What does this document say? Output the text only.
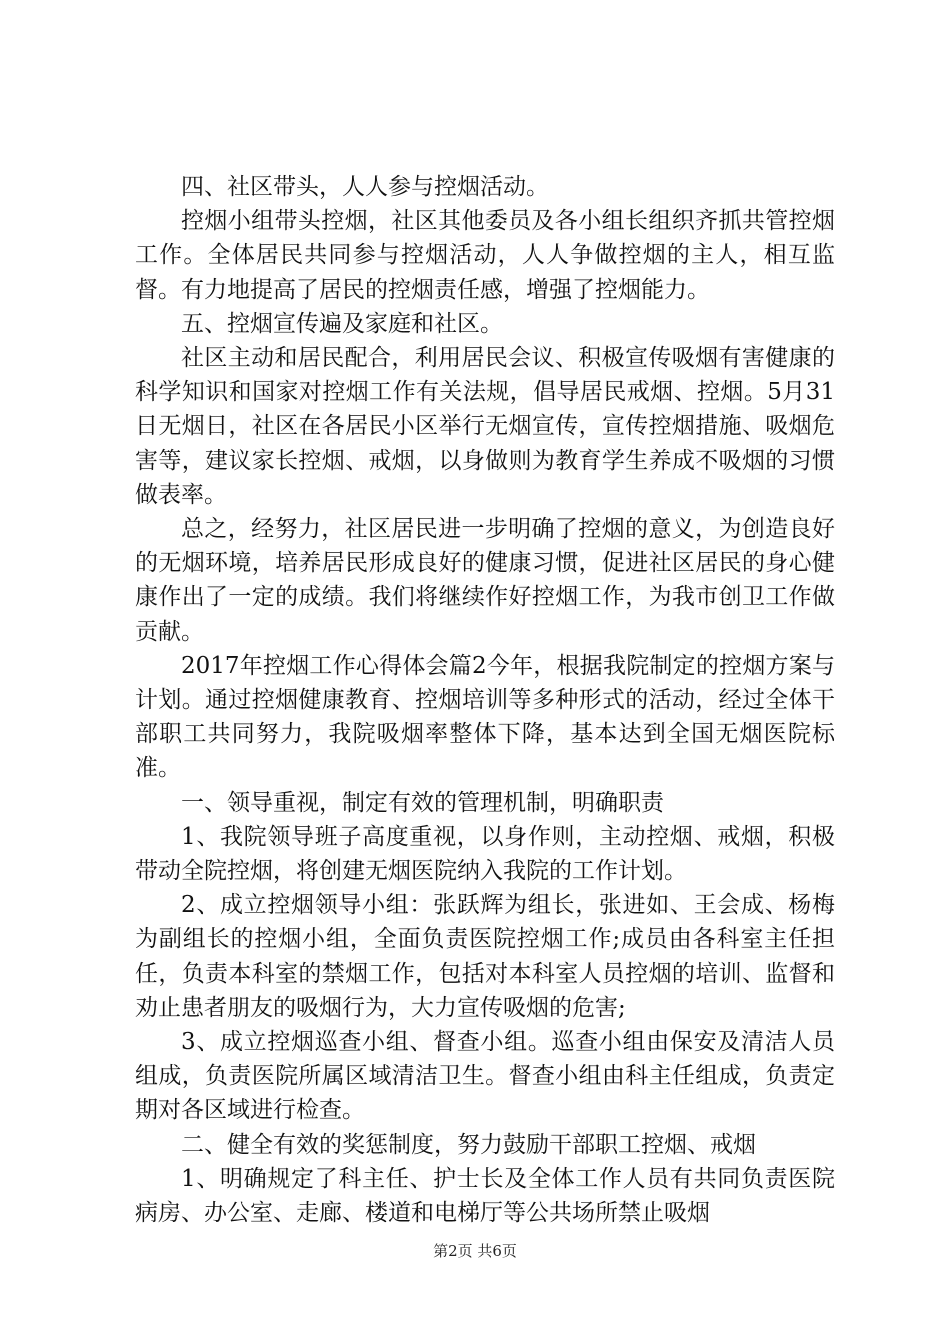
四、社区带头，人人参与控烟活动。

控烟小组带头控烟，社区其他委员及各小组长组织齐抓共管控烟工作。全体居民共同参与控烟活动，人人争做控烟的主人，相互监督。有力地提高了居民的控烟责任感，增强了控烟能力。

五、控烟宣传遍及家庭和社区。

社区主动和居民配合，利用居民会议、积极宣传吸烟有害健康的科学知识和国家对控烟工作有关法规，倡导居民戒烟、控烟。5月31日无烟日，社区在各居民小区举行无烟宣传，宣传控烟措施、吸烟危害等，建议家长控烟、戒烟，以身做则为教育学生养成不吸烟的习惯做表率。

总之，经努力，社区居民进一步明确了控烟的意义，为创造良好的无烟环境，培养居民形成良好的健康习惯，促进社区居民的身心健康作出了一定的成绩。我们将继续作好控烟工作，为我市创卫工作做贡献。

2017年控烟工作心得体会篇2今年，根据我院制定的控烟方案与计划。通过控烟健康教育、控烟培训等多种形式的活动，经过全体干部职工共同努力，我院吸烟率整体下降，基本达到全国无烟医院标准。

一、领导重视，制定有效的管理机制，明确职责

1、我院领导班子高度重视，以身作则，主动控烟、戒烟，积极带动全院控烟，将创建无烟医院纳入我院的工作计划。

2、成立控烟领导小组：张跃辉为组长，张进如、王会成、杨梅为副组长的控烟小组，全面负责医院控烟工作;成员由各科室主任担任，负责本科室的禁烟工作，包括对本科室人员控烟的培训、监督和劝止患者朋友的吸烟行为，大力宣传吸烟的危害;

3、成立控烟巡查小组、督查小组。巡查小组由保安及清洁人员组成，负责医院所属区域清洁卫生。督查小组由科主任组成，负责定期对各区域进行检查。

二、健全有效的奖惩制度，努力鼓励干部职工控烟、戒烟

1、明确规定了科主任、护士长及全体工作人员有共同负责医院病房、办公室、走廊、楼道和电梯厅等公共场所禁止吸烟

第2页 共6页
